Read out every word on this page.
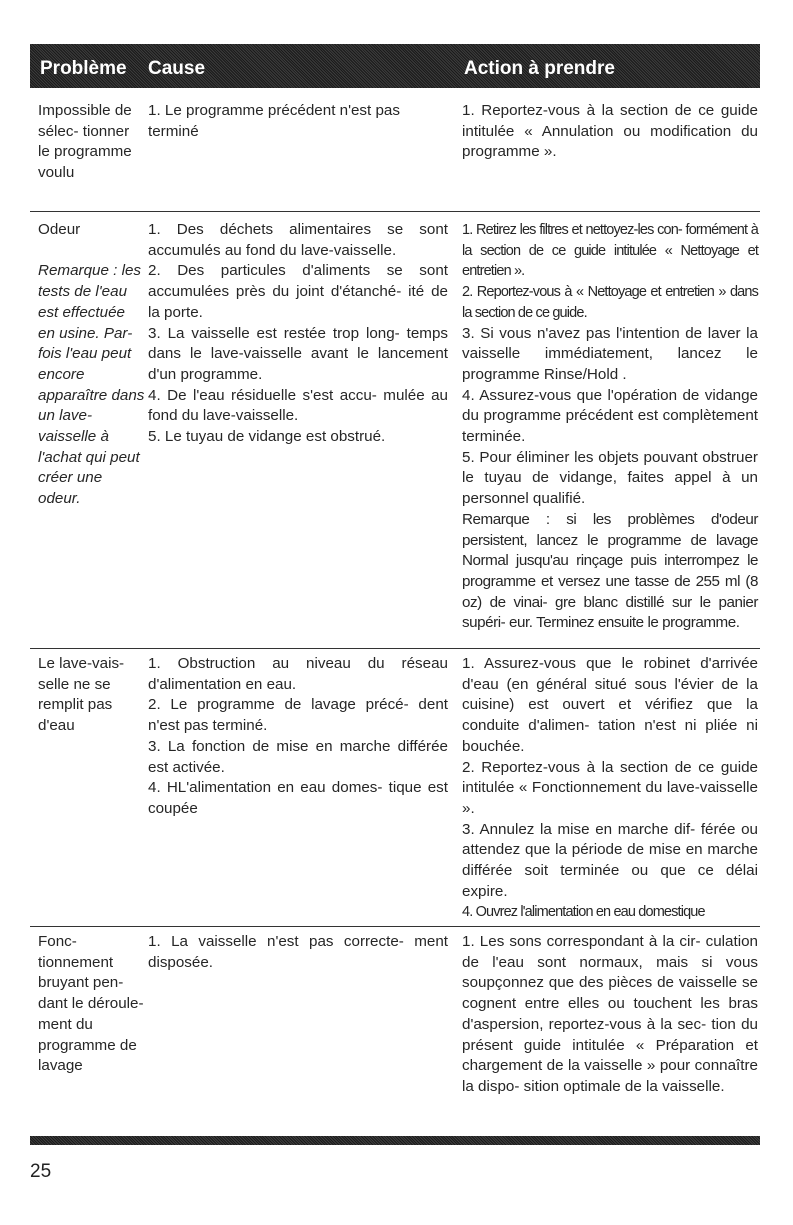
Problème Cause	Action à prendre

Impossible de sélec- tionner le programme voulu

1. Le programme précédent n'est pas terminé

1. Reportez-vous à la section de ce guide intitulée « Annulation ou modification du programme ».

Odeur

Remarque : les tests de l'eau est effectuée en usine. Par- fois l'eau peut encore apparaître dans un lave- vaisselle à l'achat qui peut créer une odeur.

1. Des déchets alimentaires se sont accumulés au fond du lave-vaisselle.

2. Des particules d'aliments se sont accumulées près du joint d'étanché- ité de la porte.

3. La vaisselle est restée trop long- temps dans le lave-vaisselle avant le lancement d'un programme.

4. De l'eau résiduelle s'est accu- mulée au fond du lave-vaisselle.

5. Le tuyau de vidange est obstrué.

1. Retirez les filtres et nettoyez-les con- formément à la section de ce guide intitulée « Nettoyage et entretien ».

2. Reportez-vous à « Nettoyage et entretien » dans la section de ce guide.

3. Si vous n'avez pas l'intention de laver la vaisselle immédiatement, lancez le programme Rinse/Hold .

4. Assurez-vous que l'opération de vidange du programme précédent est complètement terminée.

5. Pour éliminer les objets pouvant obstruer le tuyau de vidange, faites appel à un personnel qualifié.

Remarque : si les problèmes d'odeur persistent, lancez le programme de lavage Normal jusqu'au rinçage puis interrompez le programme et versez une tasse de 255 ml (8 oz) de vinai- gre blanc distillé sur le panier supéri- eur. Terminez ensuite le programme.

Le lave-vais- selle ne se remplit pas d'eau

1. Obstruction au niveau du réseau d'alimentation en eau.

2. Le programme de lavage précé- dent n'est pas terminé.

3. La fonction de mise en marche différée est activée.

4. HL'alimentation en eau domes- tique est coupée

1. Assurez-vous que le robinet d'arrivée d'eau (en général situé sous l'évier de la cuisine) est ouvert et vérifiez que la conduite d'alimen- tation n'est ni pliée ni bouchée.

2. Reportez-vous à la section de ce guide intitulée « Fonctionnement du lave-vaisselle ».

3. Annulez la mise en marche dif- férée ou attendez que la période de mise en marche différée soit terminée ou que ce délai expire.

4. Ouvrez l'alimentation en eau domestique

Fonc- tionnement bruyant pen- dant le déroule- ment du programme de lavage

1. La vaisselle n'est pas correcte- ment disposée.

1. Les sons correspondant à la cir- culation de l'eau sont normaux, mais si vous soupçonnez que des pièces de vaisselle se cognent entre elles ou touchent les bras d'aspersion, reportez-vous à la sec- tion du présent guide intitulée « Préparation et chargement de la vaisselle » pour connaître la dispo- sition optimale de la vaisselle.

25
